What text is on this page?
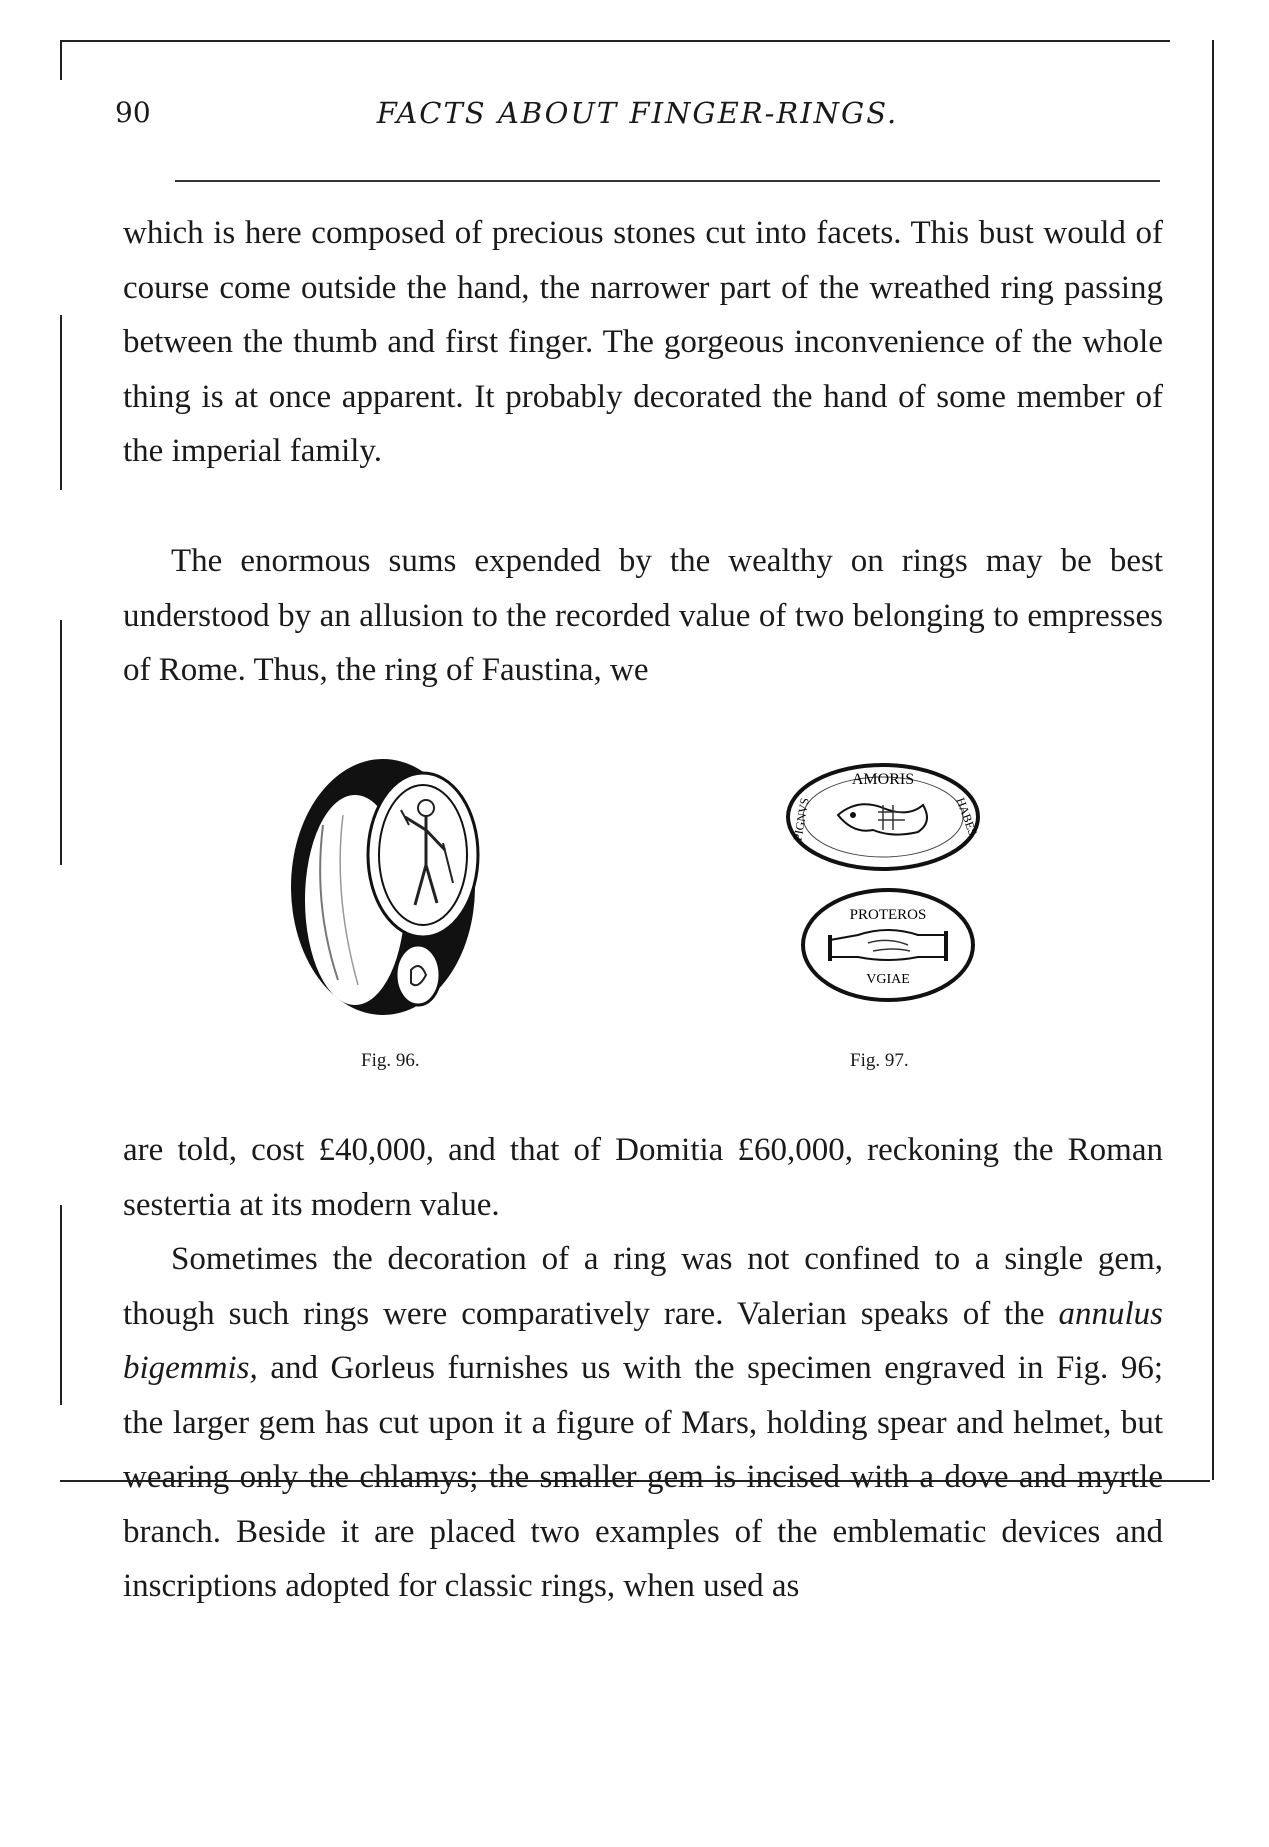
90	FACTS ABOUT FINGER-RINGS.

which is here composed of precious stones cut into facets. This bust would of course come outside the hand, the narrower part of the wreathed ring passing between the thumb and first finger. The gorgeous inconvenience of the whole thing is at once apparent. It probably decorated the hand of some member of the imperial family.

The enormous sums expended by the wealthy on rings may be best understood by an allusion to the recorded value of two belonging to empresses of Rome. Thus, the ring of Faustina, we

Fig. 96.
AMORIS
PIGNVS	HABES
PROTEROS
VGIAE
Fig. 97.

are told, cost £40,000, and that of Domitia £60,000, reckoning the Roman sestertia at its modern value.

Sometimes the decoration of a ring was not confined to a single gem, though such rings were comparatively rare. Valerian speaks of the annulus bigemmis, and Gorleus furnishes us with the specimen engraved in Fig. 96; the larger gem has cut upon it a figure of Mars, holding spear and helmet, but wearing only the chlamys; the smaller gem is incised with a dove and myrtle branch. Beside it are placed two examples of the emblematic devices and inscriptions adopted for classic rings, when used as
